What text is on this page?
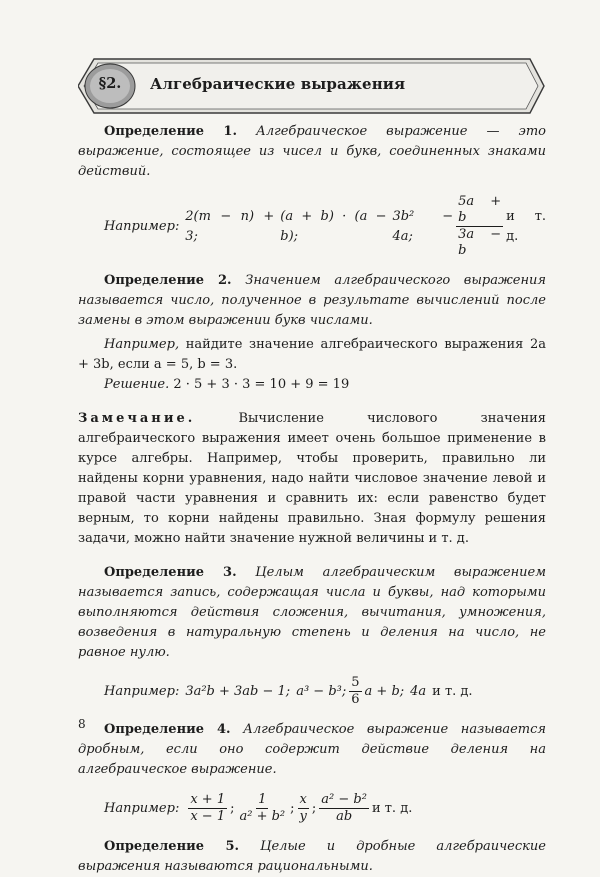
§2.	Алгебраические выражения

Определение 1. Алгебраическое выражение — это выражение, состоящее из чисел и букв, соединенных знаками действий.

Например:
2(m − n) + 3;
(a + b) · (a − b);
3b² − 4a;	$\frac{5a + b}{3a - b}$ и т. д.

Определение 2. Значением алгебраического выражения называется число, полученное в результате вычислений после замены в этом выражении букв числами.

Например, найдите значение алгебраического выражения 2a + 3b, если a = 5, b = 3.

Решение. 2 · 5 + 3 · 3 = 10 + 9 = 19

Замечание.	Вычисление числового значения алгебраического выражения имеет очень большое применение в курсе алгебры. Например, чтобы проверить, правильно ли найдены корни уравнения, надо найти числовое значение левой и правой части уравнения и сравнить их: если равенство будет верным, то корни найдены правильно. Зная формулу решения задачи, можно найти значение нужной величины и т. д.

Определение 3. Целым алгебраическим выражением называется запись, содержащая числа и буквы, над которыми выполняются действия сложения, вычитания, умножения, возведения в натуральную степень и деления на число, не равное нулю.

Например: 3a²b + 3ab − 1; a³ − b³; $\frac{5}{6}$ a + b; 4a и т. д.

Определение 4. Алгебраическое выражение называется дробным, если оно содержит действие деления на алгебраическое выражение.

Например: $\frac{x + 1}{x - 1}$ ; $\frac{1}{\text{a² + b²}}$ ; $\frac{x}{y}$ ; $\frac{\text{a² − b²}}{ab}$ и т. д.

Определение 5. Целые и дробные алгебраические выражения называются рациональными.

8
